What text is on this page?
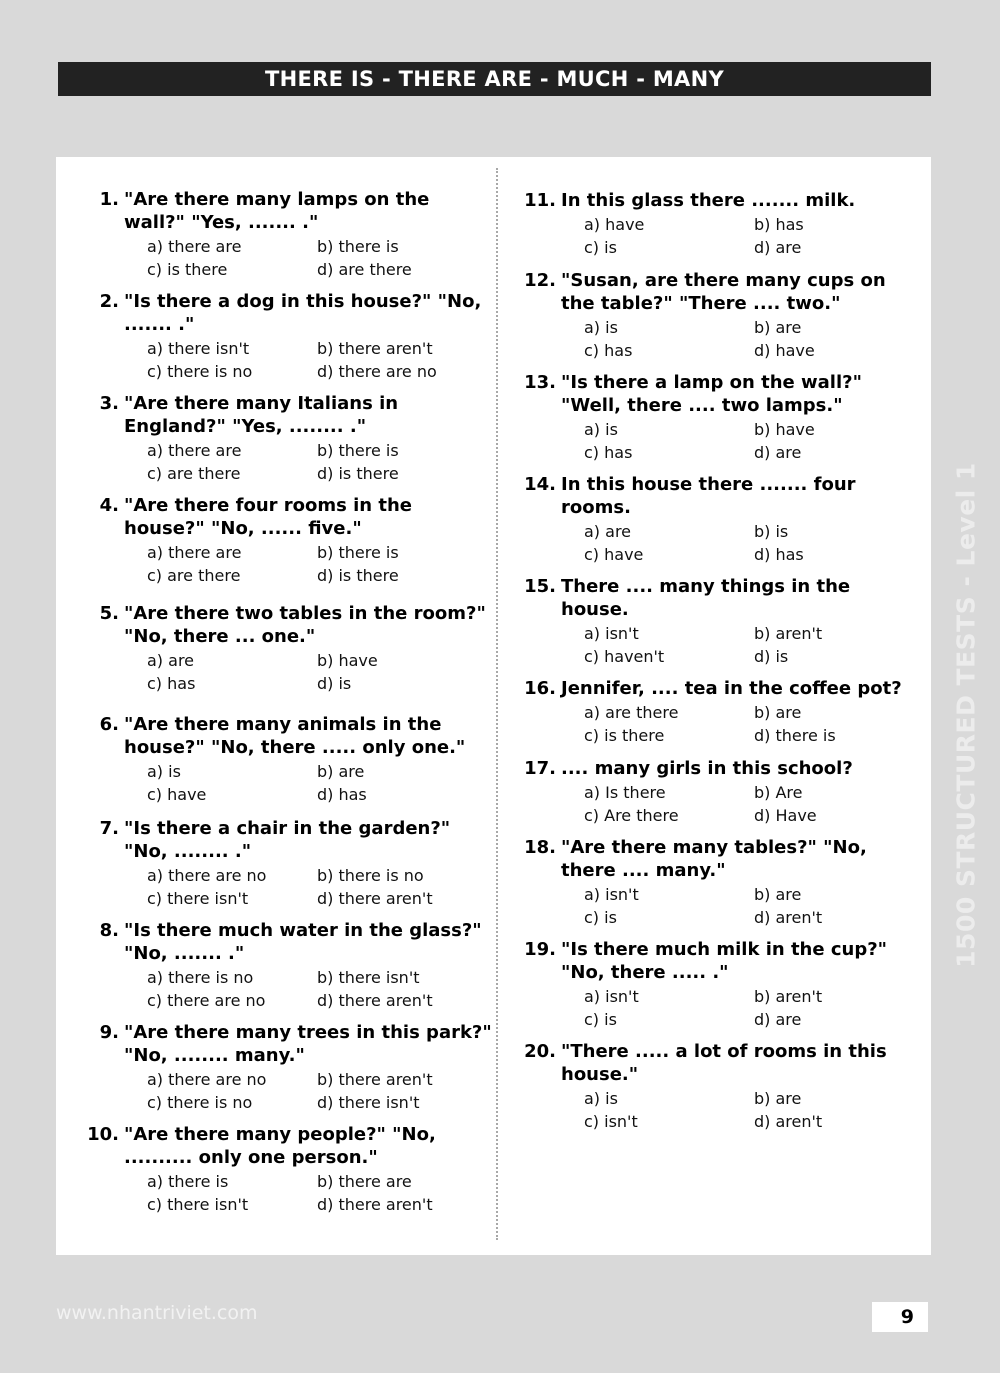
THERE IS - THERE ARE - MUCH - MANY
1500 STRUCTURED TESTS - Level 1
1. "Are there many lamps on the wall?" "Yes, ....... ."
a) there are	b) there is
c) is there	d) are there
2. "Is there a dog in this house?" "No, ....... ."
a) there isn't	b) there aren't
c) there is no	d) there are no
3. "Are there many Italians in England?" "Yes, ........ ."
a) there are	b) there is
c) are there	d) is there
4. "Are there four rooms in the house?" "No, ...... five."
a) there are	b) there is
c) are there	d) is there
5. "Are there two tables in the room?" "No, there ... one."
a) are	b) have
c) has	d) is
6. "Are there many animals in the house?" "No, there ..... only one."
a) is	b) are
c) have	d) has
7. "Is there a chair in the garden?" "No, ........ ."
a) there are no	b) there is no
c) there isn't	d) there aren't
8. "Is there much water in the glass?" "No, ....... ."
a) there is no	b) there isn't
c) there are no	d) there aren't
9. "Are there many trees in this park?" "No, ........ many."
a) there are no	b) there aren't
c) there is no	d) there isn't
10. "Are there many people?" "No, .......... only one person."
a) there is	b) there are
c) there isn't	d) there aren't
11. In this glass there ....... milk.
a) have	b) has
c) is	d) are
12. "Susan, are there many cups on the table?" "There .... two."
a) is	b) are
c) has	d) have
13. "Is there a lamp on the wall?" "Well, there .... two lamps."
a) is	b) have
c) has	d) are
14. In this house there ....... four rooms.
a) are	b) is
c) have	d) has
15. There .... many things in the house.
a) isn't	b) aren't
c) haven't	d) is
16. Jennifer, .... tea in the coffee pot?
a) are there	b) are
c) is there	d) there is
17. .... many girls in this school?
a) Is there	b) Are
c) Are there	d) Have
18. "Are there many tables?" "No, there .... many."
a) isn't	b) are
c) is	d) aren't
19. "Is there much milk in the cup?" "No, there ..... ."
a) isn't	b) aren't
c) is	d) are
20. "There ..... a lot of rooms in this house."
a) is	b) are
c) isn't	d) aren't
www.nhantriviet.com	9
